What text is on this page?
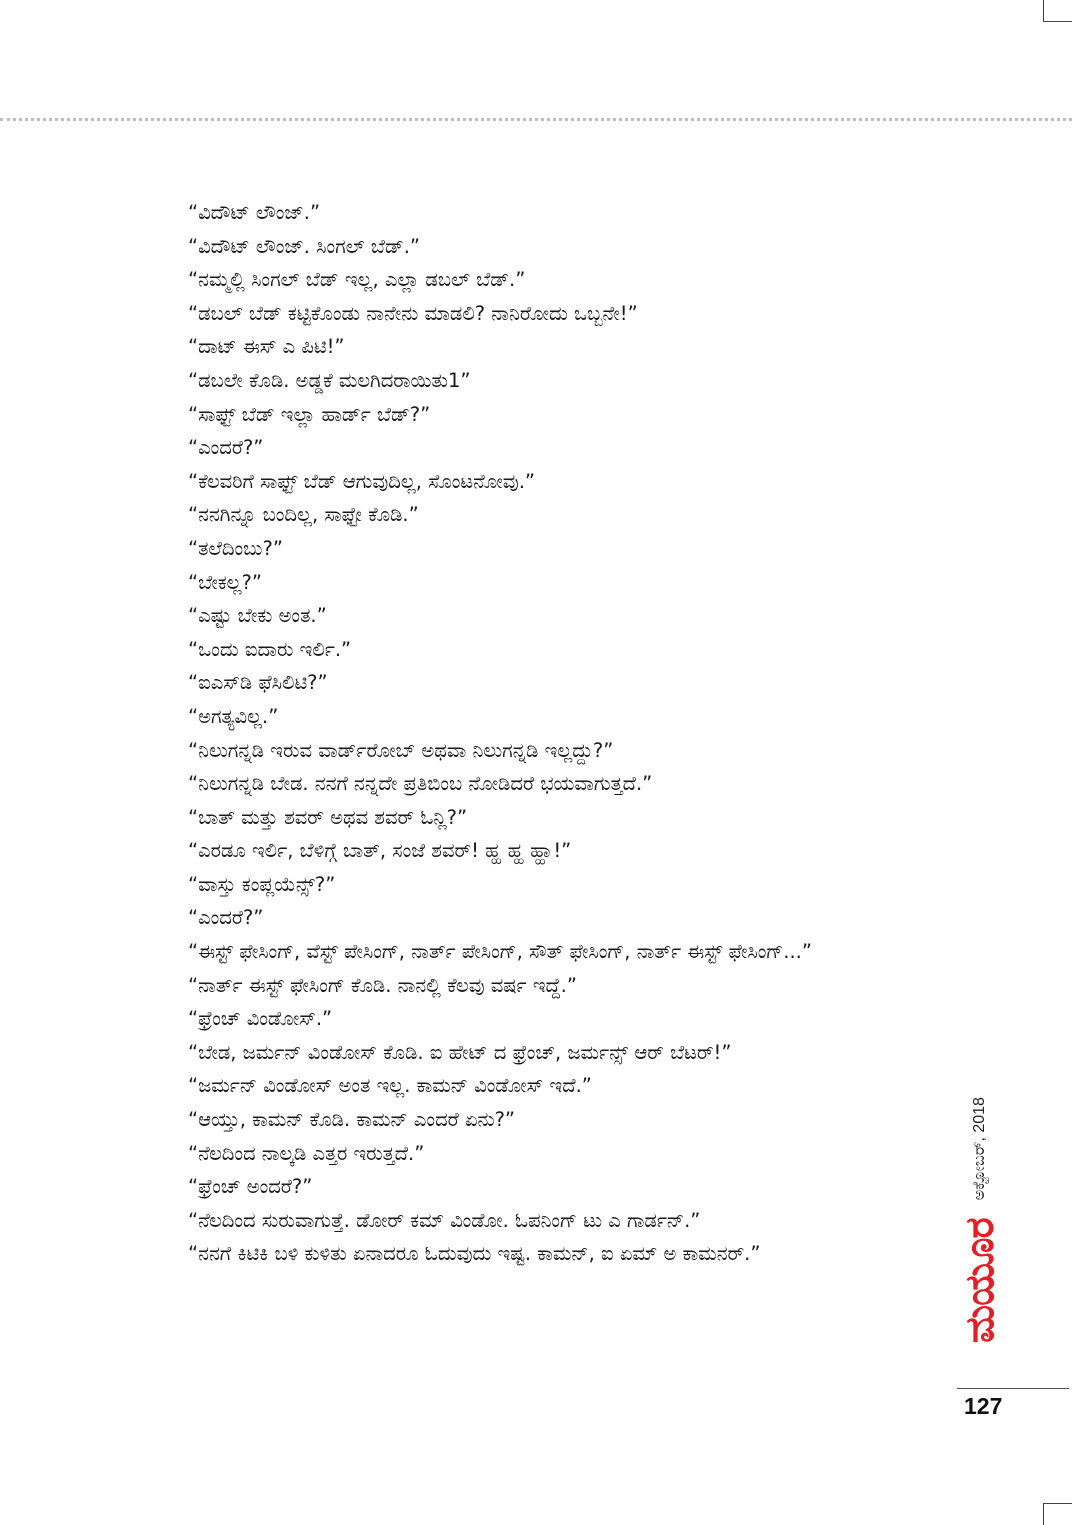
“ವಿದೌಟ್ ಲೌಂಜ್.”

“ವಿದೌಟ್ ಲೌಂಜ್. ಸಿಂಗಲ್ ಬೆಡ್.”

“ನಮ್ಮಲ್ಲಿ ಸಿಂಗಲ್ ಬೆಡ್ ಇಲ್ಲ, ಎಲ್ಲಾ ಡಬಲ್ ಬೆಡ್.”

“ಡಬಲ್ ಬೆಡ್ ಕಟ್ಟಿಕೊಂಡು ನಾನೇನು ಮಾಡಲಿ? ನಾನಿರೋದು ಒಬ್ಬನೇ!”

“ದಾಟ್ ಈಸ್ ಎ ಪಿಟಿ!”

“ಡಬಲೇ ಕೊಡಿ. ಅಡ್ಡಕೆ ಮಲಗಿದರಾಯಿತು1”

“ಸಾಫ್ಟ್ ಬೆಡ್ ಇಲ್ಲಾ ಹಾರ್ಡ್ ಬೆಡ್?”

“ಎಂದರೆ?”

“ಕೆಲವರಿಗೆ ಸಾಫ್ಟ್ ಬೆಡ್ ಆಗುವುದಿಲ್ಲ, ಸೊಂಟನೋವು.”

“ನನಗಿನ್ನೂ ಬಂದಿಲ್ಲ, ಸಾಫ್ಟೇ ಕೊಡಿ.”

“ತಲೆದಿಂಬು?”

“ಬೇಕಲ್ಲ?”

“ಎಷ್ಟು ಬೇಕು ಅಂತ.”

“ಒಂದು ಐದಾರು ಇರ್ಲಿ.”

“ಐಎಸ್‌ಡಿ ಫೆಸಿಲಿಟಿ?”

“ಅಗತ್ಯವಿಲ್ಲ.”

“ನಿಲುಗನ್ನಡಿ ಇರುವ ವಾರ್ಡ್‌ರೋಬ್ ಅಥವಾ ನಿಲುಗನ್ನಡಿ ಇಲ್ಲದ್ದು?”

“ನಿಲುಗನ್ನಡಿ ಬೇಡ. ನನಗೆ ನನ್ನದೇ ಪ್ರತಿಬಿಂಬ ನೋಡಿದರೆ ಭಯವಾಗುತ್ತದೆ.”

“ಬಾತ್ ಮತ್ತು ಶವರ್ ಅಥವ ಶವರ್ ಓನ್ಲಿ?”

“ಎರಡೂ ಇರ್ಲಿ, ಬೆಳಿಗ್ಗೆ ಬಾತ್, ಸಂಜೆ ಶವರ್! ಹ್ಹ ಹ್ಹ ಹ್ಹಾ!”

“ವಾಸ್ತು ಕಂಪ್ಲಯೆನ್ಸ್?”

“ಎಂದರೆ?”

“ಈಸ್ಟ್ ಫೇಸಿಂಗ್, ವೆಸ್ಟ್ ಪೇಸಿಂಗ್, ನಾರ್ತ್ ಪೇಸಿಂಗ್, ಸೌತ್ ಫೇಸಿಂಗ್, ನಾರ್ತ್ ಈಸ್ಟ್ ಫೇಸಿಂಗ್...”

“ನಾರ್ತ್ ಈಸ್ಟ್ ಫೇಸಿಂಗ್ ಕೊಡಿ. ನಾನಲ್ಲಿ ಕೆಲವು ವರ್ಷ ಇದ್ದೆ.”

“ಫ್ರೆಂಚ್ ವಿಂಡೋಸ್.”

“ಬೇಡ, ಜರ್ಮನ್ ವಿಂಡೋಸ್ ಕೊಡಿ. ಐ ಹೇಟ್ ದ ಫ್ರೆಂಚ್, ಜರ್ಮನ್ಸ್ ಆರ್ ಬೆಟರ್!”

“ಜರ್ಮನ್ ವಿಂಡೋಸ್ ಅಂತ ಇಲ್ಲ. ಕಾಮನ್ ವಿಂಡೋಸ್ ಇದೆ.”

“ಆಯ್ತು, ಕಾಮನ್ ಕೊಡಿ. ಕಾಮನ್ ಎಂದರೆ ಏನು?”

“ನೆಲದಿಂದ ನಾಲ್ಕಡಿ ಎತ್ತರ ಇರುತ್ತದೆ.”

“ಫ್ರೆಂಚ್ ಅಂದರೆ?”

“ನೆಲದಿಂದ ಸುರುವಾಗುತ್ತೆ. ಡೋರ್ ಕಮ್ ವಿಂಡೋ. ಓಪನಿಂಗ್ ಟು ಎ ಗಾರ್ಡನ್.”

“ನನಗೆ ಕಿಟಿಕಿ ಬಳಿ ಕುಳಿತು ಏನಾದರೂ ಓದುವುದು ಇಷ್ಟ. ಕಾಮನ್, ಐ ಏಮ್ ಅ ಕಾಮನರ್.”	ಮಯೂರ
ಅಕ್ಟೋಬರ್, 2018
127
